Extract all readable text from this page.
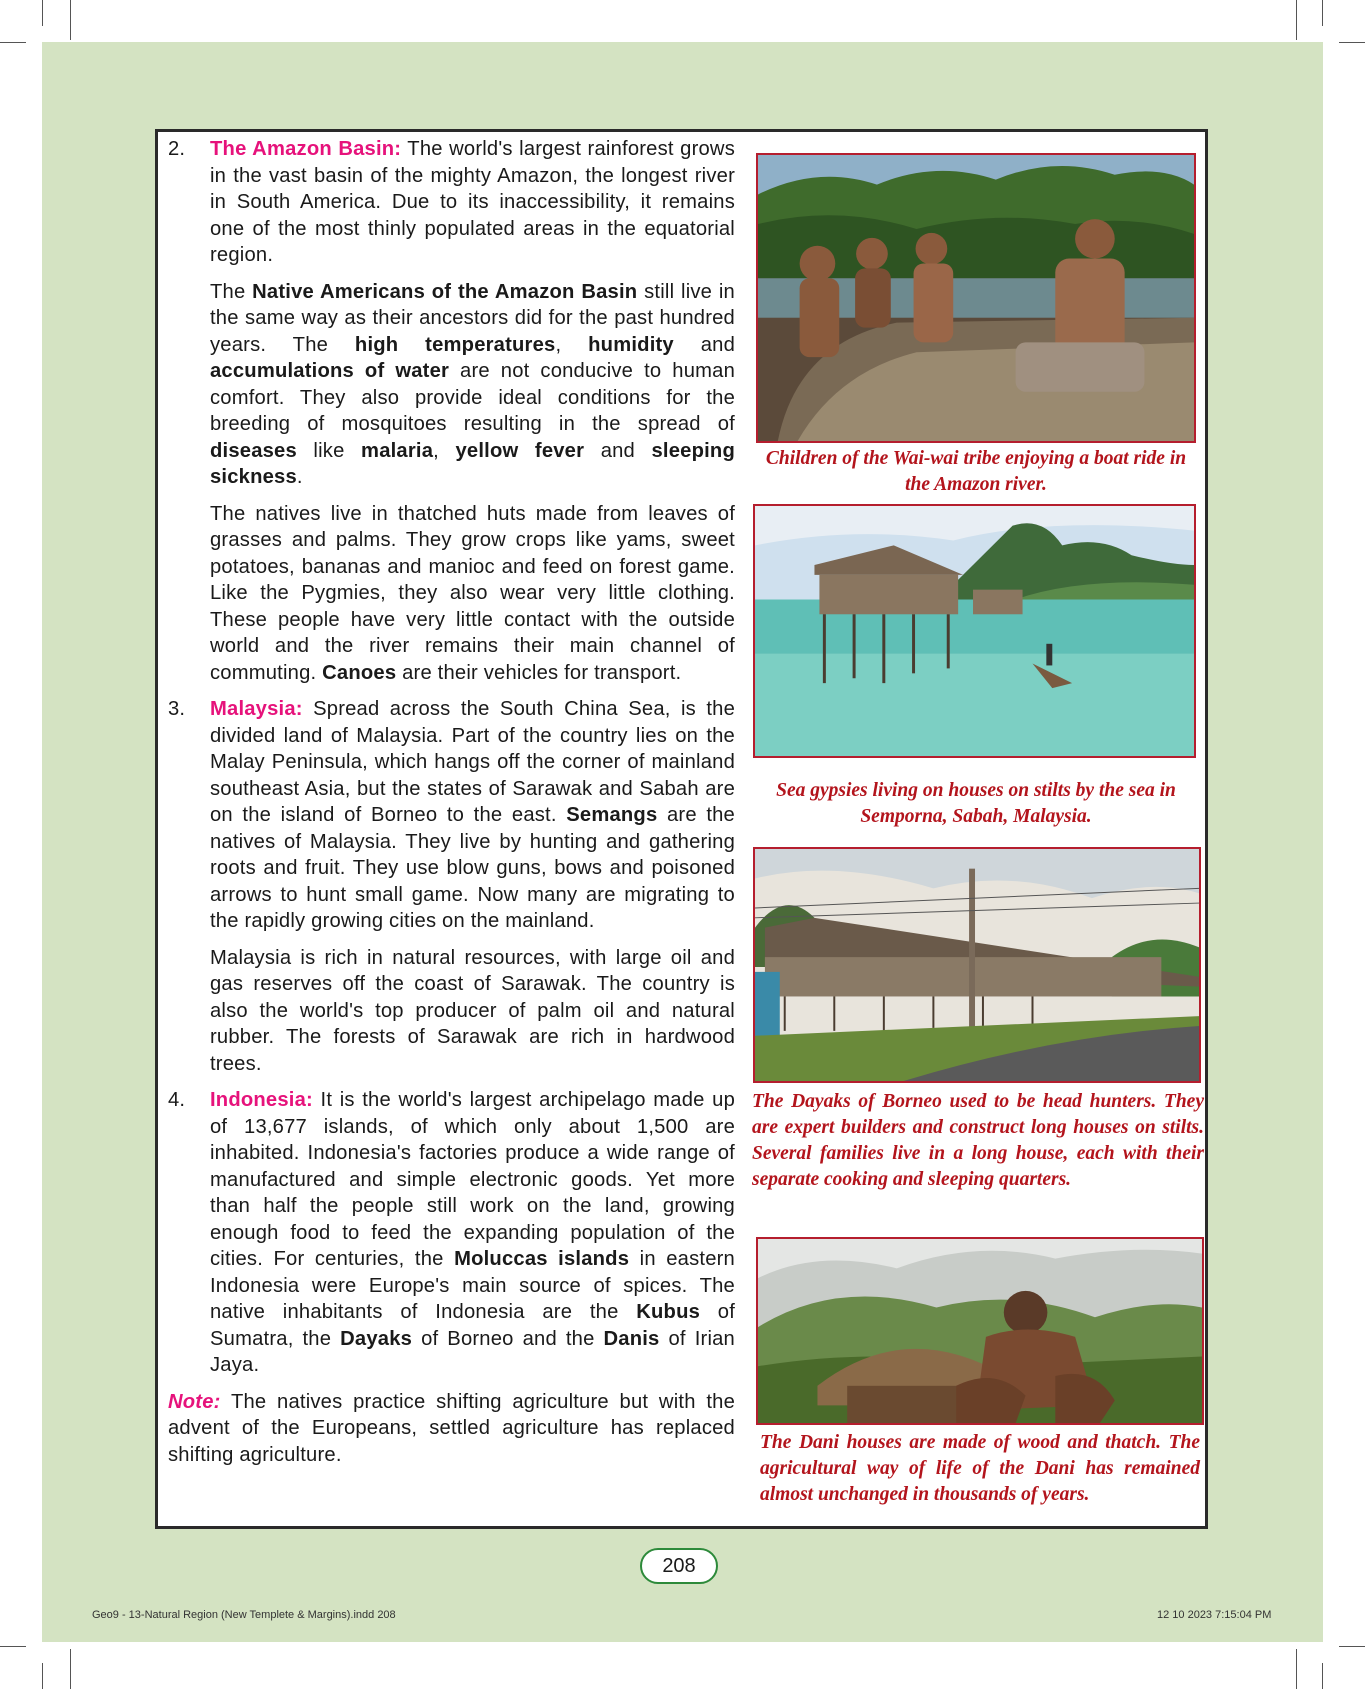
2. The Amazon Basin: The world's largest rainforest grows in the vast basin of the mighty Amazon, the longest river in South America. Due to its inaccessibility, it remains one of the most thinly populated areas in the equatorial region.

The Native Americans of the Amazon Basin still live in the same way as their ancestors did for the past hundred years. The high temperatures, humidity and accumulations of water are not conducive to human comfort. They also provide ideal conditions for the breeding of mosquitoes resulting in the spread of diseases like malaria, yellow fever and sleeping sickness.

The natives live in thatched huts made from leaves of grasses and palms. They grow crops like yams, sweet potatoes, bananas and manioc and feed on forest game. Like the Pygmies, they also wear very little clothing. These people have very little contact with the outside world and the river remains their main channel of commuting. Canoes are their vehicles for transport.

3. Malaysia: Spread across the South China Sea, is the divided land of Malaysia. Part of the country lies on the Malay Peninsula, which hangs off the corner of mainland southeast Asia, but the states of Sarawak and Sabah are on the island of Borneo to the east. Semangs are the natives of Malaysia. They live by hunting and gathering roots and fruit. They use blow guns, bows and poisoned arrows to hunt small game. Now many are migrating to the rapidly growing cities on the mainland.

Malaysia is rich in natural resources, with large oil and gas reserves off the coast of Sarawak. The country is also the world's top producer of palm oil and natural rubber. The forests of Sarawak are rich in hardwood trees.

4. Indonesia: It is the world's largest archipelago made up of 13,677 islands, of which only about 1,500 are inhabited. Indonesia's factories produce a wide range of manufactured and simple electronic goods. Yet more than half the people still work on the land, growing enough food to feed the expanding population of the cities. For centuries, the Moluccas islands in eastern Indonesia were Europe's main source of spices. The native inhabitants of Indonesia are the Kubus of Sumatra, the Dayaks of Borneo and the Danis of Irian Jaya.

Note: The natives practice shifting agriculture but with the advent of the Europeans, settled agriculture has replaced shifting agriculture.

Children of the Wai-wai tribe enjoying a boat ride in the Amazon river.
Sea gypsies living on houses on stilts by the sea in Semporna, Sabah, Malaysia.
The Dayaks of Borneo used to be head hunters. They are expert builders and construct long houses on stilts. Several families live in a long house, each with their separate cooking and sleeping quarters.
The Dani houses are made of wood and thatch. The agricultural way of life of the Dani has remained almost unchanged in thousands of years.
208
Geo9 - 13-Natural Region (New Templete & Margins).indd 208	12 10 2023 7:15:04 PM
